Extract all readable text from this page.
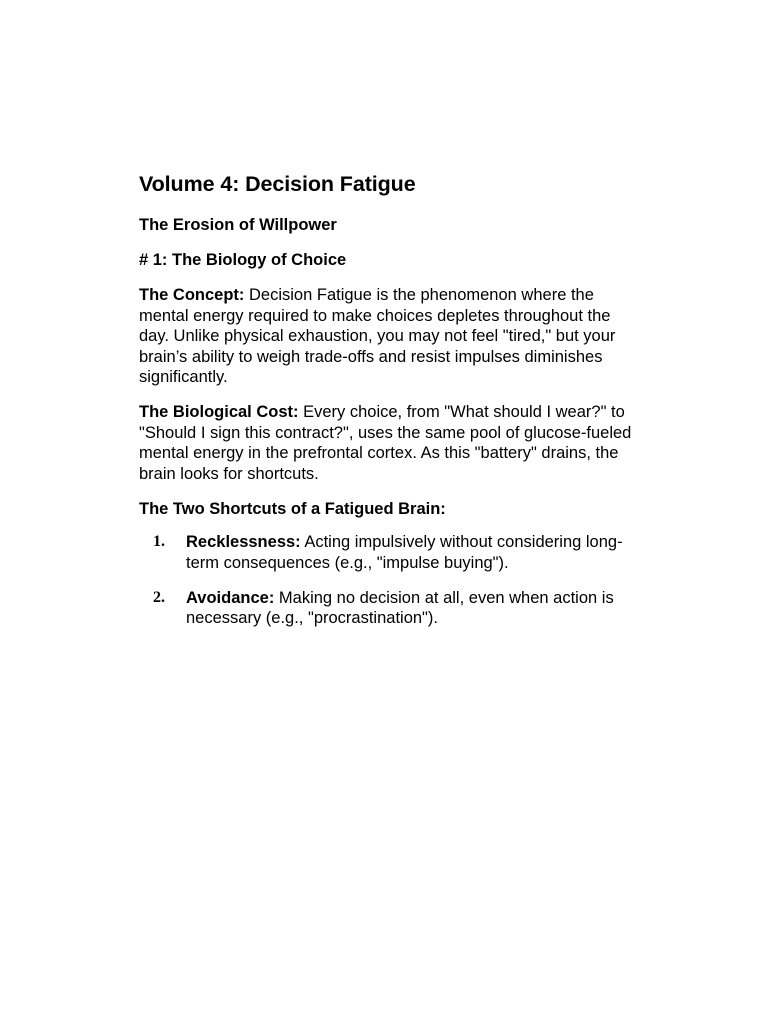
Volume 4: Decision Fatigue
The Erosion of Willpower
# 1: The Biology of Choice

The Concept: Decision Fatigue is the phenomenon where the mental energy required to make choices depletes throughout the day. Unlike physical exhaustion, you may not feel "tired," but your brain’s ability to weigh trade-offs and resist impulses diminishes significantly.

The Biological Cost: Every choice, from "What should I wear?" to "Should I sign this contract?", uses the same pool of glucose-fueled mental energy in the prefrontal cortex. As this "battery" drains, the brain looks for shortcuts.

The Two Shortcuts of a Fatigued Brain:
1. Recklessness: Acting impulsively without considering long-term consequences (e.g., "impulse buying").
2. Avoidance: Making no decision at all, even when action is necessary (e.g., "procrastination").
